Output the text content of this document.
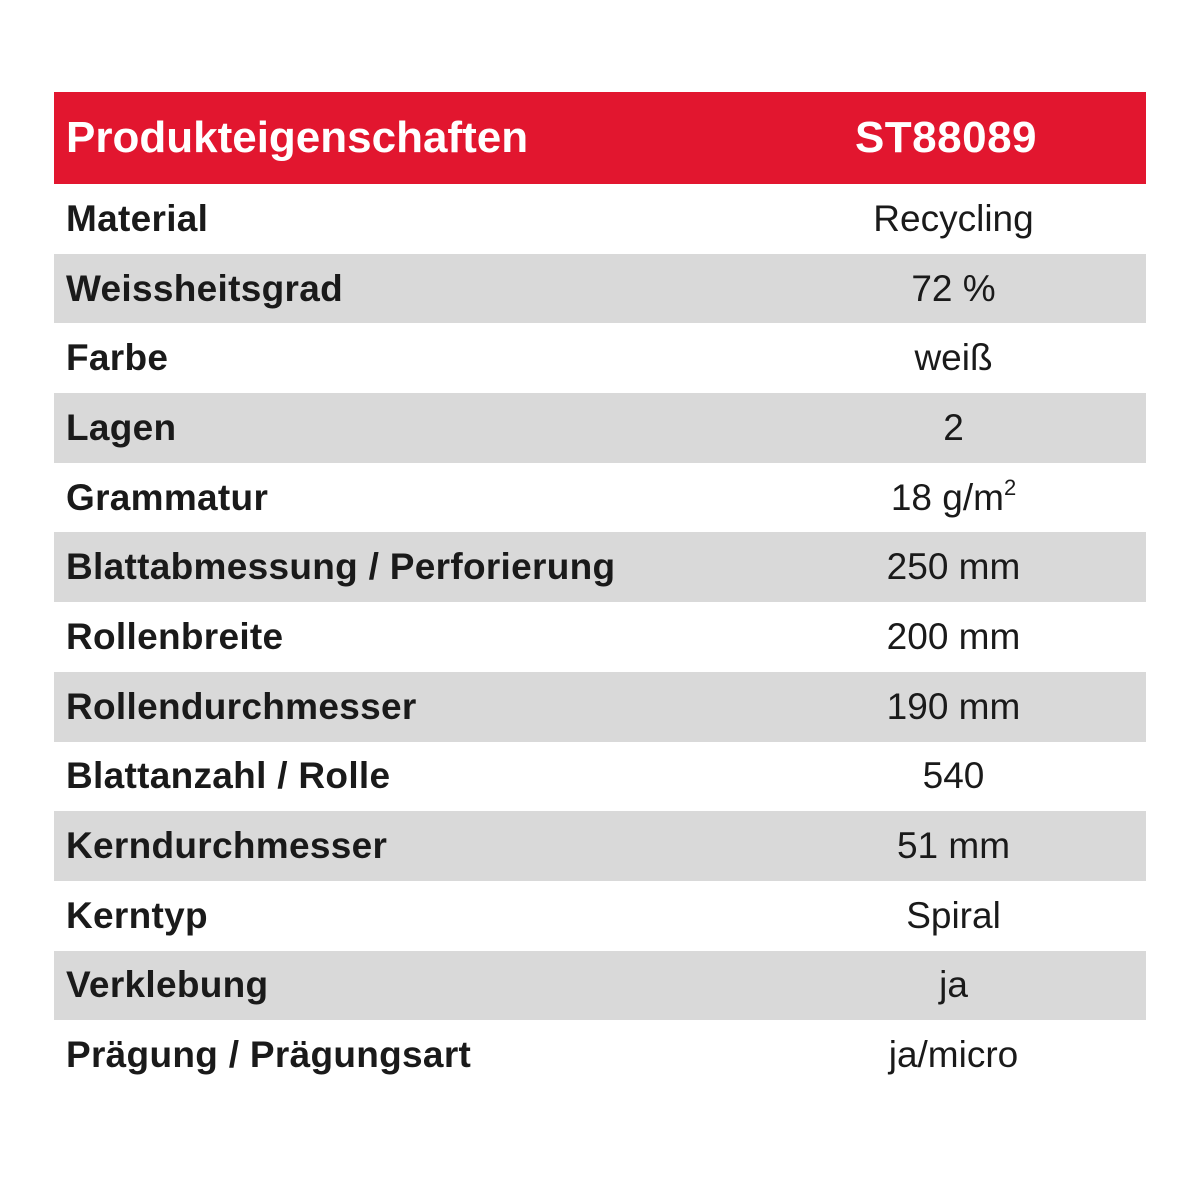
Produkteigenschaften	ST88089
Material	Recycling
Weissheitsgrad	72 %
Farbe	weiß
Lagen	2
Grammatur	18 $g/m^2$
Blattabmessung / Perforierung	250 mm
Rollenbreite	200 mm
Rollendurchmesser	190 mm
Blattanzahl / Rolle	540
Kerndurchmesser	51 mm
Kerntyp	Spiral
Verklebung	ja
Prägung / Prägungsart	ja/micro
